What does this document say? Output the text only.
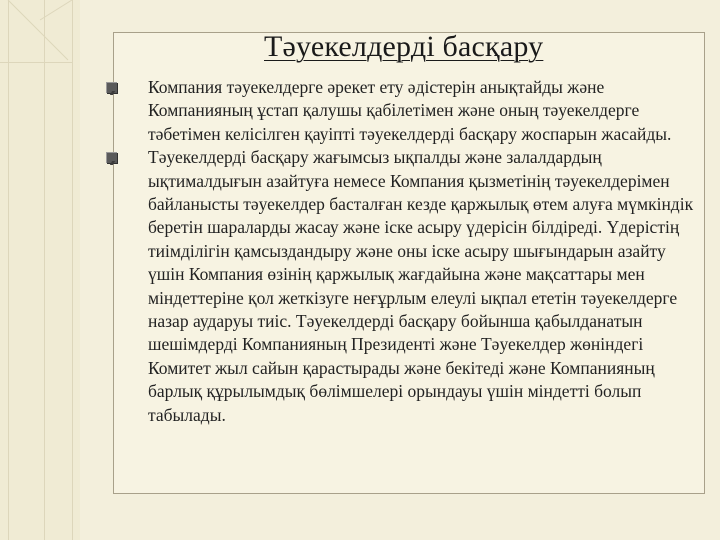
Тәуекелдерді басқару
Компания тәуекелдерге әрекет ету әдістерін анықтайды және Компанияның ұстап қалушы қабілетімен және оның тәуекелдерге тәбетімен келісілген қауіпті тәуекелдерді басқару жоспарын жасайды.
Тәуекелдерді басқару жағымсыз ықпалды және залалдардың ықтималдығын азайтуға немесе Компания қызметінің тәуекелдерімен байланысты тәуекелдер басталған кезде қаржылық өтем алуға мүмкіндік беретін шараларды жасау және іске асыру үдерісін білдіреді. Үдерістің тиімділігін қамсыздандыру және оны іске асыру шығындарын азайту үшін Компания өзінің қаржылық жағдайына және мақсаттары мен міндеттеріне қол жеткізуге неғұрлым елеулі ықпал ететін тәуекелдерге назар аударуы тиіс. Тәуекелдерді басқару бойынша қабылданатын шешімдерді Компанияның Президенті және Тәуекелдер жөніндегі Комитет жыл сайын қарастырады және бекітеді және Компанияның барлық құрылымдық бөлімшелері орындауы үшін міндетті болып табылады.
